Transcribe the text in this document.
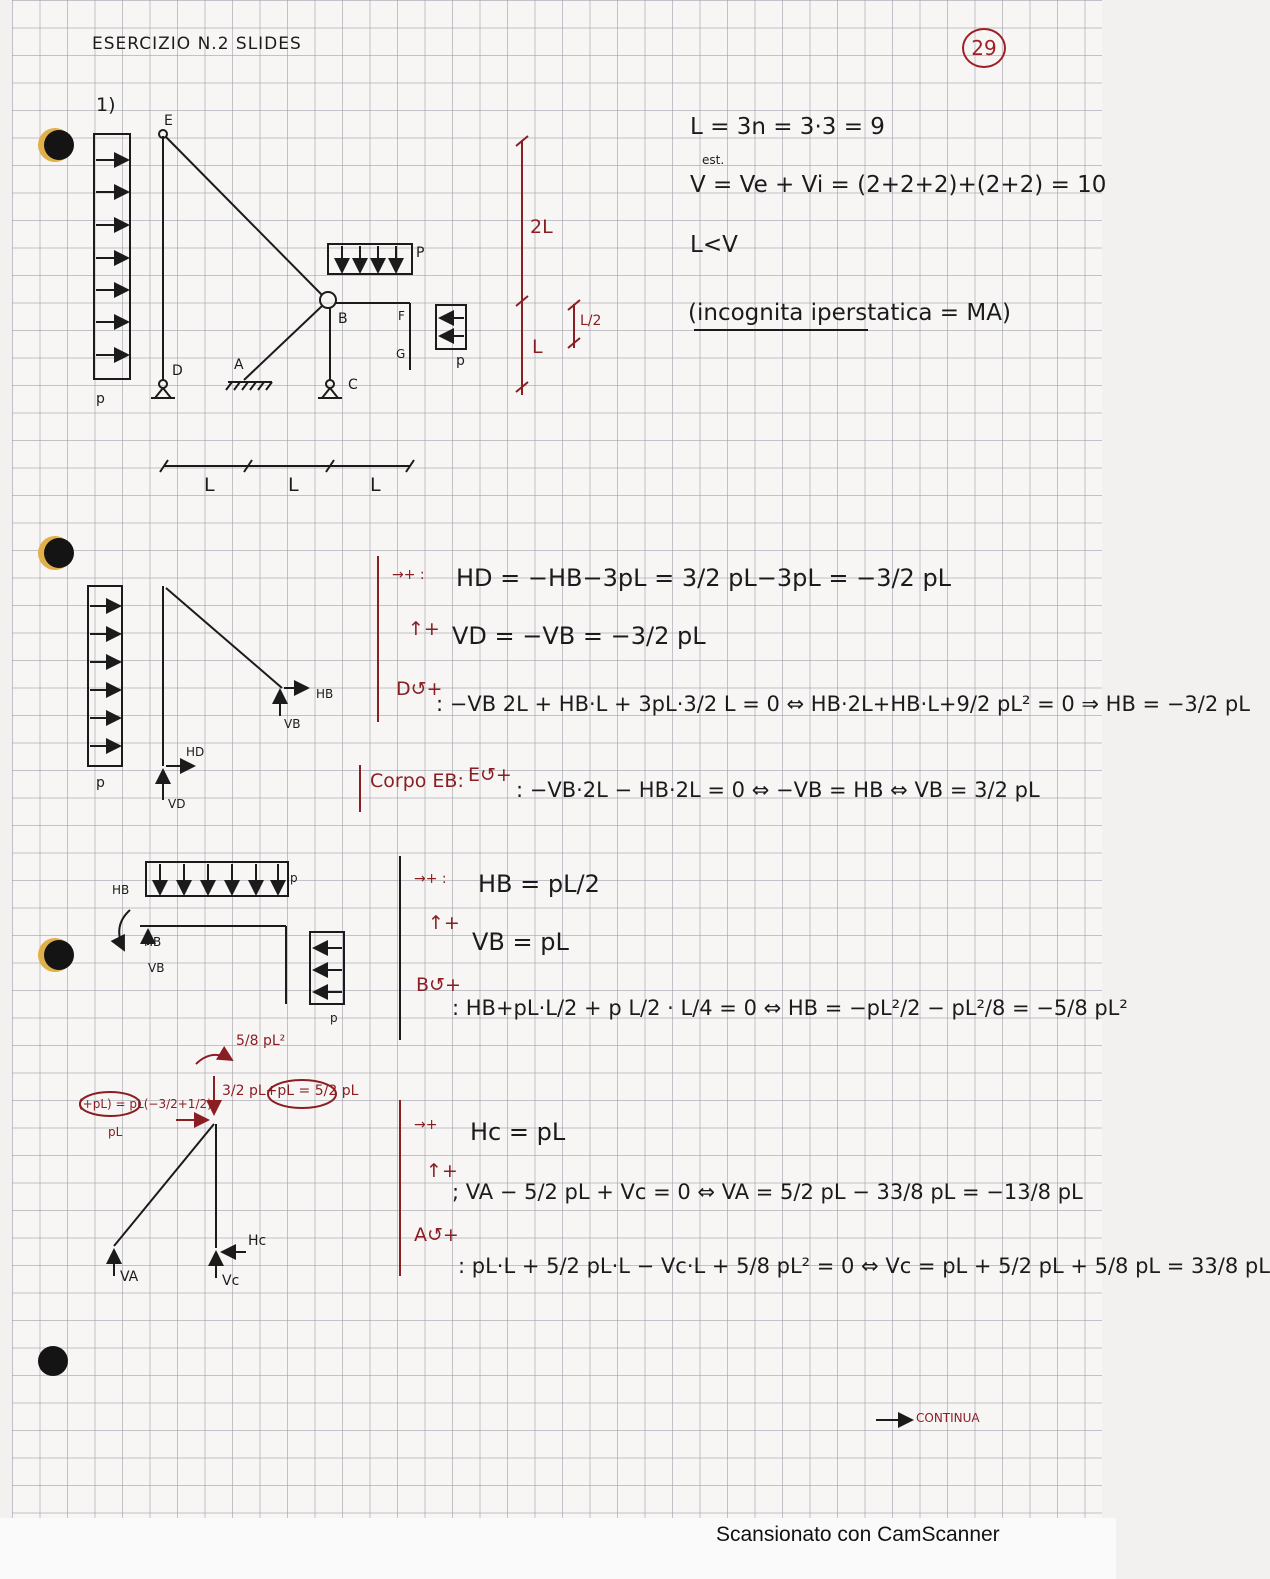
ESERCIZIO N.2 SLIDES	29
1)
E
D	A
B
C
F
G
p
P
p
2L
L
L/2
L	L	L
L = 3n = 3·3 = 9
est.
V = Ve + Vi = (2+2+2)+(2+2) = 10
L<V
(incognita iperstatica = MA)
HB
VB
HD
VD
p
→+ : HD = −HB−3pL = 3/2 pL−3pL = −3/2 pL
↑+ VD = −VB = −3/2 pL
D↺+
: −VB 2L + HB·L + 3pL·3/2 L = 0 ⇔ HB·2L+HB·L+9/2 pL² = 0 ⇒ HB = −3/2 pL
Corpo EB: E↺+
: −VB·2L − HB·2L = 0 ⇔ −VB = HB ⇔ VB = 3/2 pL
HB
HB
VB
p
p
→+ : HB = pL/2
↑+
VB = pL
B↺+
: HB+pL·L/2 + p L/2 · L/4 = 0 ⇔ HB = −pL²/2 − pL²/8 = −5/8 pL²
5/8 pL²
(+pL) = pL(−3/2+1/2)
pL
3/2 pL+pL = 5/2 pL
VA	Vc
Hc
→+ Hc = pL
↑+
; VA − 5/2 pL + Vc = 0 ⇔ VA = 5/2 pL − 33/8 pL = −13/8 pL
A↺+
: pL·L + 5/2 pL·L − Vc·L + 5/8 pL² = 0 ⇔ Vc = pL + 5/2 pL + 5/8 pL = 33/8 pL
CONTINUA
Scansionato con CamScanner
